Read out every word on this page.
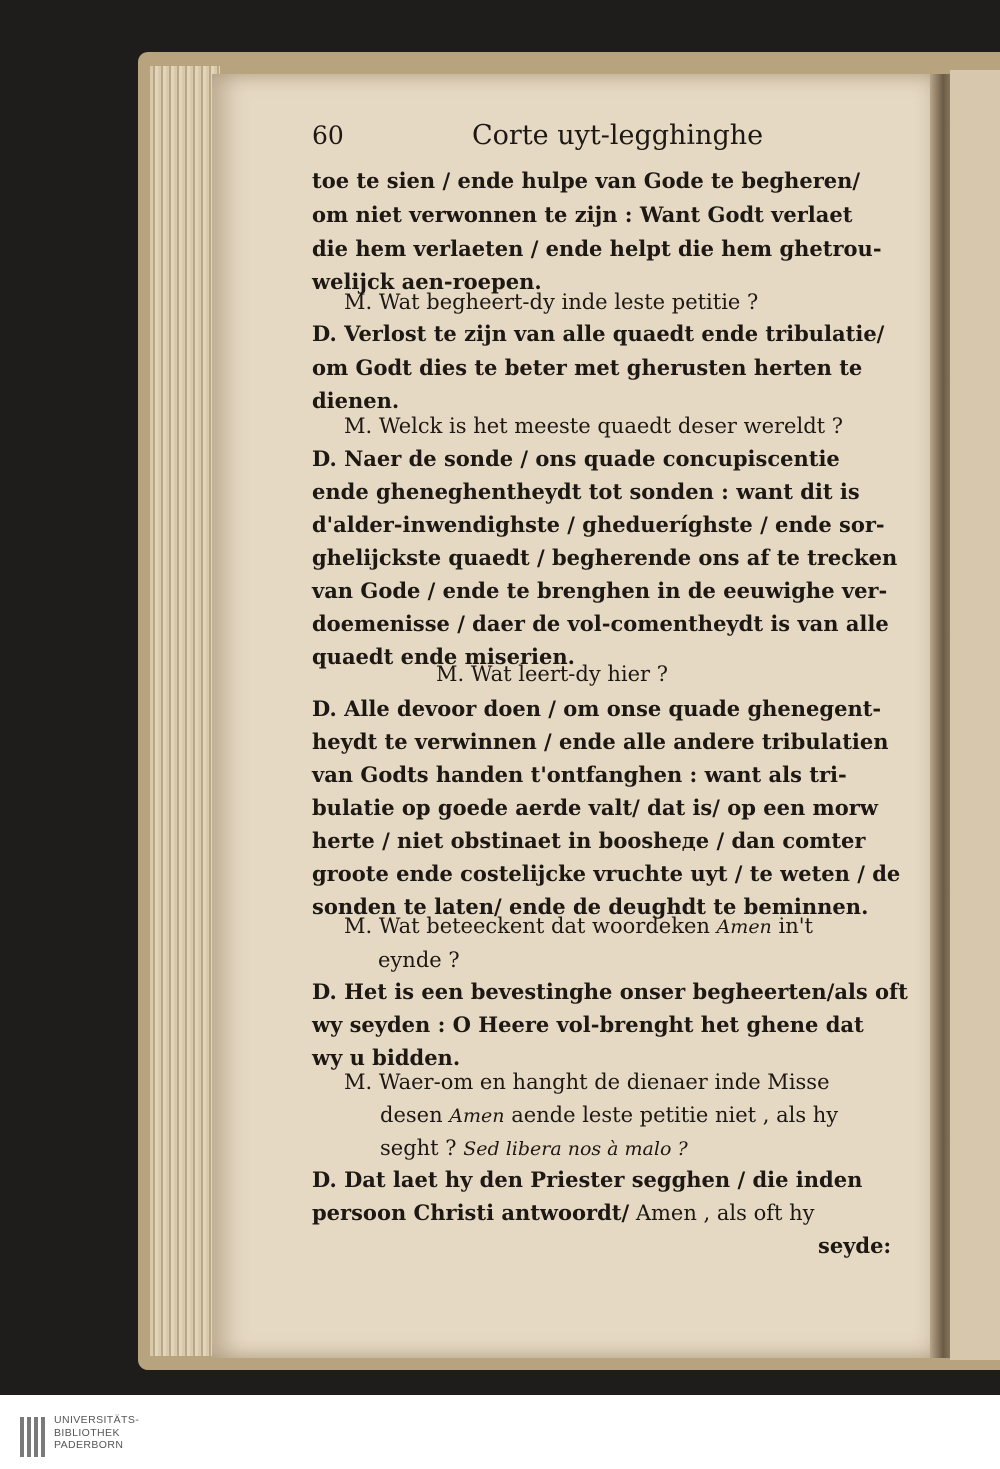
60	Corte uyt-legghinghe
toe te sien / ende hulpe van Gode te begheren/
om niet verwonnen te zijn : Want Godt verlaet
die hem verlaeten / ende helpt die hem ghetrou-
welijck aen-roepen.
M. Wat begheert-dy inde leste petitie ?
D. Verlost te zijn van alle quaedt ende tribulatie/
om Godt dies te beter met gherusten herten te
dienen.
M. Welck is het meeste quaedt deser wereldt ?
D. Naer de sonde / ons quade concupiscentie
ende gheneghentheydt tot sonden : want dit is
d'alder-inwendighste / ghedueríghste / ende sor-
ghelijckste quaedt / begherende ons af te trecken
van Gode / ende te brenghen in de eeuwighe ver-
doemenisse / daer de vol-comentheydt is van alle
quaedt ende miserien.
M. Wat leert-dy hier ?
D. Alle devoor doen / om onse quade ghenegent-
heydt te verwinnen / ende alle andere tribulatien
van Godts handen t'ontfanghen : want als tri-
bulatie op goede aerde valt/ dat is/ op een morw
herte / niet obstinaet in boosheде / dan comter
groote ende costelijcke vruchte uyt / te weten / de
sonden te laten/ ende de deughdt te beminnen.
M. Wat beteeckent dat woordeken Amen in't
eynde ?
D. Het is een bevestinghe onser begheerten/als oft
wy seyden : O Heere vol-brenght het ghene dat
wy u bidden.
M. Waer-om en hanght de dienaer inde Misse
desen Amen aende leste petitie niet , als hy
seght ? Sed libera nos à malo ?
D. Dat laet hy den Priester segghen / die inden
persoon Christi antwoordt/ Amen , als oft hy
seyde:
UNIVERSITÄTS-
BIBLIOTHEK
PADERBORN
